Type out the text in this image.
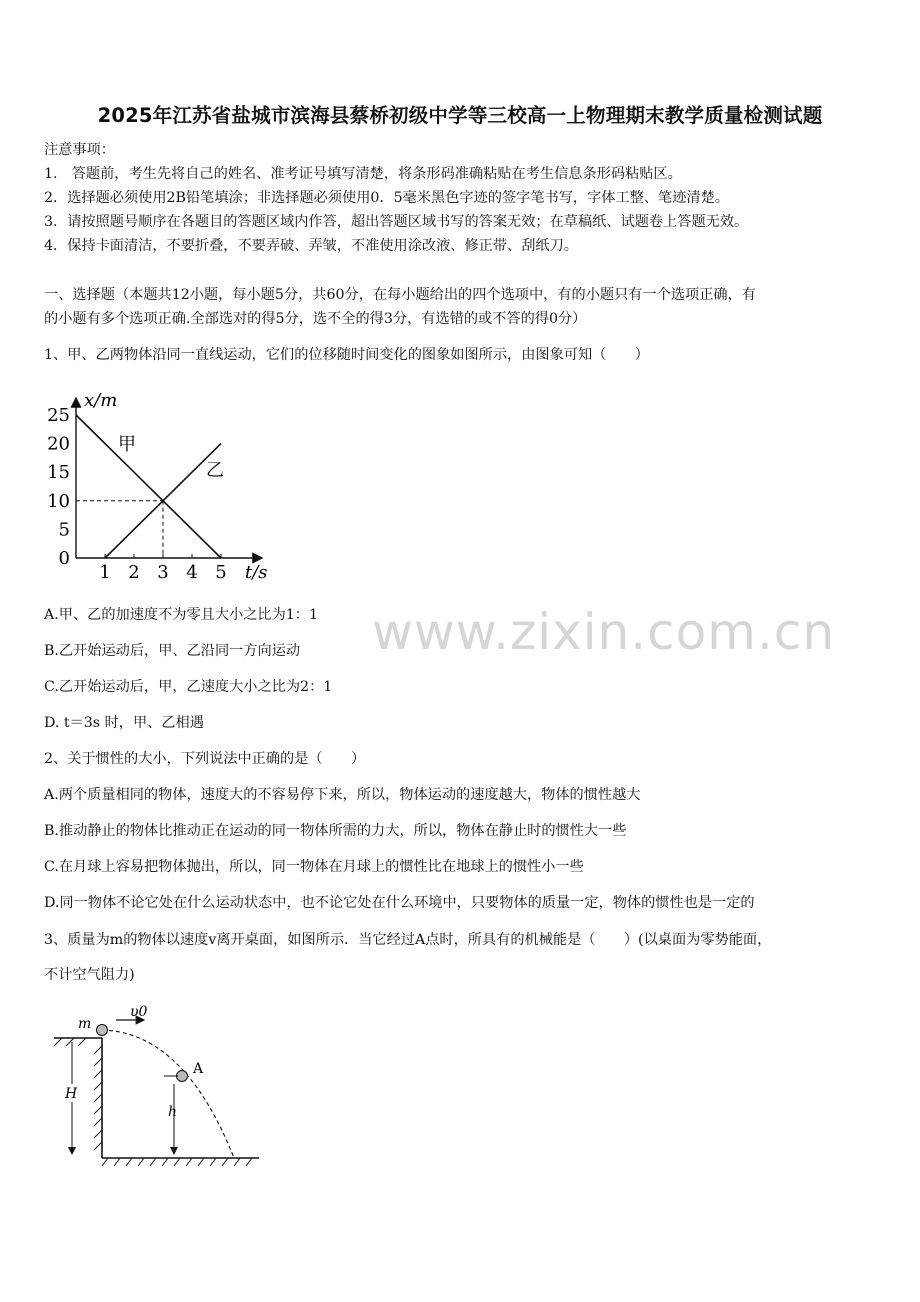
2025年江苏省盐城市滨海县蔡桥初级中学等三校高一上物理期末教学质量检测试题
注意事项：
1.　答题前，考生先将自己的姓名、准考证号填写清楚，将条形码准确粘贴在考生信息条形码粘贴区。
2．选择题必须使用2B铅笔填涂；非选择题必须使用0．5毫米黑色字迹的签字笔书写，字体工整、笔迹清楚。
3．请按照题号顺序在各题目的答题区域内作答，超出答题区域书写的答案无效；在草稿纸、试题卷上答题无效。
4．保持卡面清洁，不要折叠，不要弄破、弄皱，不准使用涂改液、修正带、刮纸刀。
一、选择题（本题共12小题，每小题5分，共60分，在每小题给出的四个选项中，有的小题只有一个选项正确，有
的小题有多个选项正确.全部选对的得5分，选不全的得3分，有选错的或不答的得0分）
1、甲、乙两物体沿同一直线运动，它们的位移随时间变化的图象如图所示，由图象可知（　　）
1 2 3 4 5
0
5
10
15
20
25
甲
乙
x/m
t/s
A.甲、乙的加速度不为零且大小之比为1：1
B.乙开始运动后，甲、乙沿同一方向运动
C.乙开始运动后，甲，乙速度大小之比为2：1
D. t＝3s 时，甲、乙相遇
2、关于惯性的大小，下列说法中正确的是（　　）
A.两个质量相同的物体，速度大的不容易停下来，所以，物体运动的速度越大，物体的惯性越大
B.推动静止的物体比推动正在运动的同一物体所需的力大，所以，物体在静止时的惯性大一些
C.在月球上容易把物体抛出，所以，同一物体在月球上的惯性比在地球上的惯性小一些
D.同一物体不论它处在什么运动状态中，也不论它处在什么环境中，只要物体的质量一定，物体的惯性也是一定的
3、质量为m的物体以速度v离开桌面，如图所示．当它经过A点时，所具有的机械能是（　　）(以桌面为零势能面，
不计空气阻力)
m
υ0
A
h
H
www.zixin.com.cn
